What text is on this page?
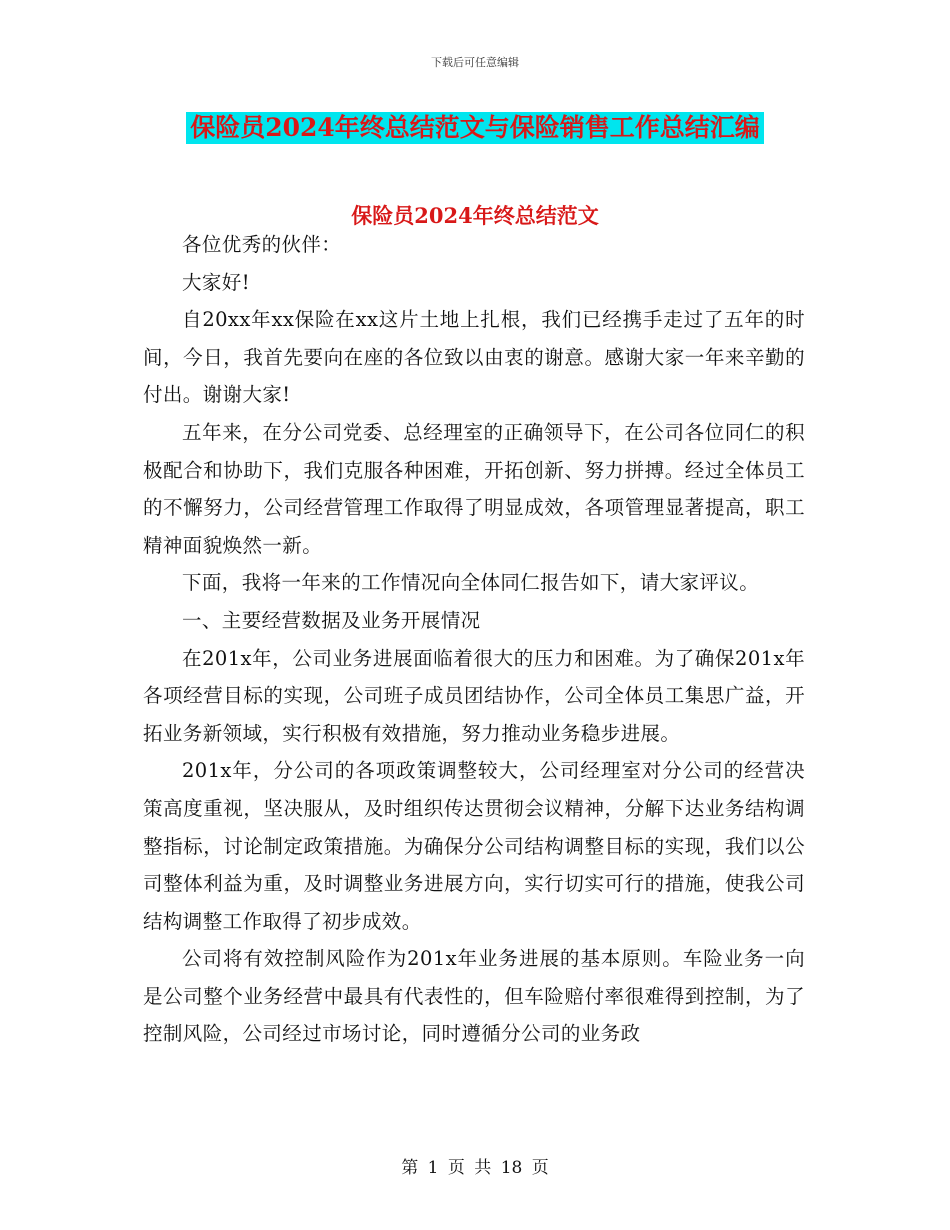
下载后可任意编辑
保险员2024年终总结范文与保险销售工作总结汇编
保险员2024年终总结范文

各位优秀的伙伴：

大家好!

自20xx年xx保险在xx这片土地上扎根，我们已经携手走过了五年的时间，今日，我首先要向在座的各位致以由衷的谢意。感谢大家一年来辛勤的付出。谢谢大家!

五年来，在分公司党委、总经理室的正确领导下，在公司各位同仁的积极配合和协助下，我们克服各种困难，开拓创新、努力拼搏。经过全体员工的不懈努力，公司经营管理工作取得了明显成效，各项管理显著提高，职工精神面貌焕然一新。

下面，我将一年来的工作情况向全体同仁报告如下，请大家评议。

一、主要经营数据及业务开展情况

在201x年，公司业务进展面临着很大的压力和困难。为了确保201x年各项经营目标的实现，公司班子成员团结协作，公司全体员工集思广益，开拓业务新领域，实行积极有效措施，努力推动业务稳步进展。

201x年，分公司的各项政策调整较大，公司经理室对分公司的经营决策高度重视，坚决服从，及时组织传达贯彻会议精神，分解下达业务结构调整指标，讨论制定政策措施。为确保分公司结构调整目标的实现，我们以公司整体利益为重，及时调整业务进展方向，实行切实可行的措施，使我公司结构调整工作取得了初步成效。

公司将有效控制风险作为201x年业务进展的基本原则。车险业务一向是公司整个业务经营中最具有代表性的，但车险赔付率很难得到控制，为了控制风险，公司经过市场讨论，同时遵循分公司的业务政

第 1 页 共 18 页
